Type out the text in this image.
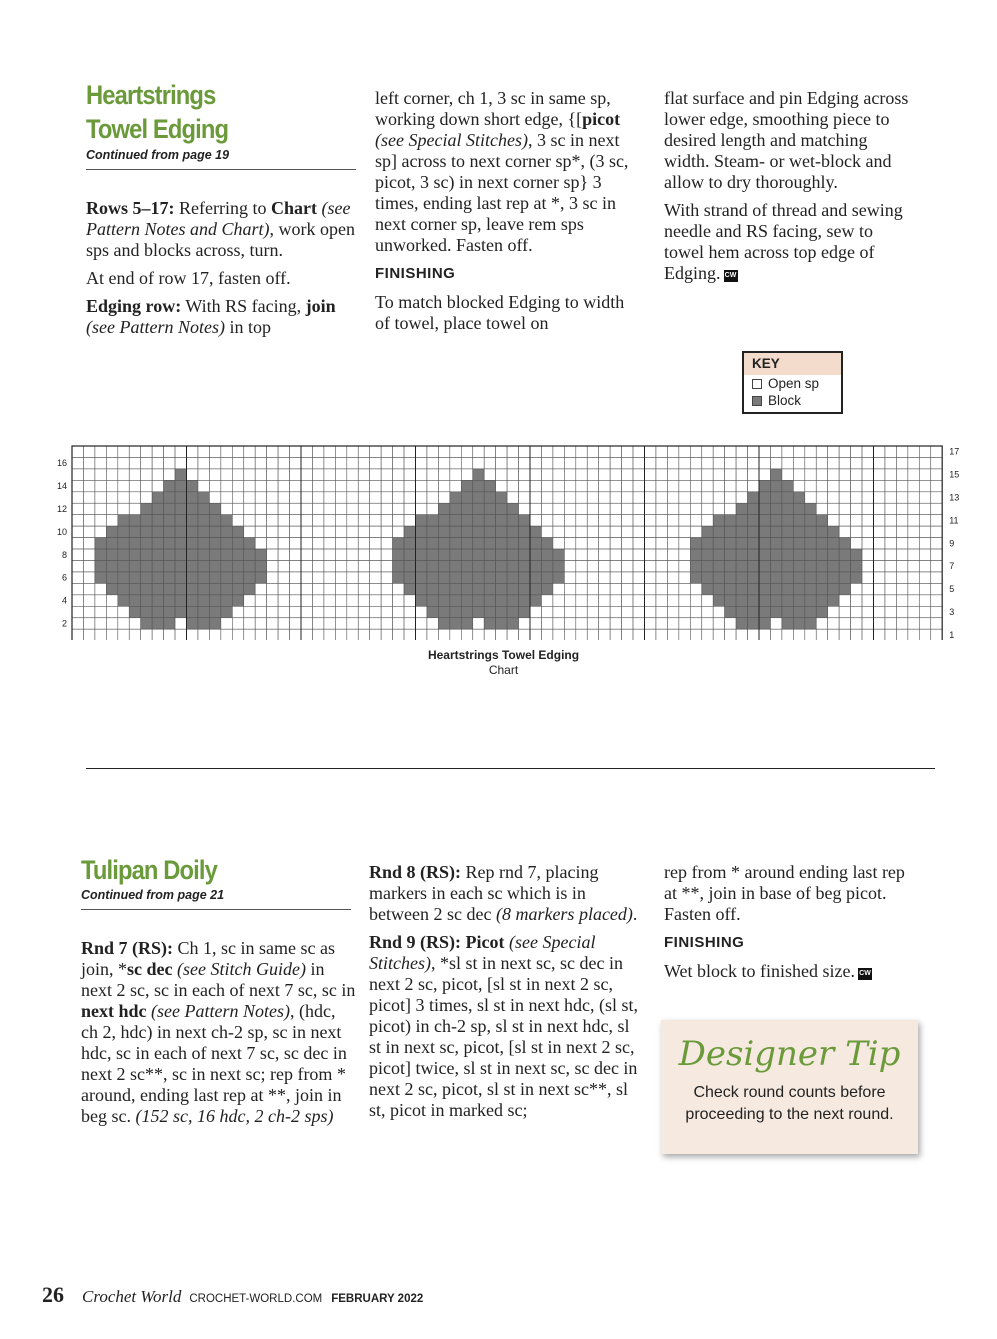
Heartstrings
Towel Edging
Continued from page 19

Rows 5–17: Referring to Chart (see Pattern Notes and Chart), work open sps and blocks across, turn.

At end of row 17, fasten off.

Edging row: With RS facing, join (see Pattern Notes) in top

left corner, ch 1, 3 sc in same sp, working down short edge, {[picot (see Special Stitches), 3 sc in next sp] across to next corner sp*, (3 sc, picot, 3 sc) in next corner sp} 3 times, ending last rep at *, 3 sc in next corner sp, leave rem sps unworked. Fasten off.

FINISHING

To match blocked Edging to width of towel, place towel on

flat surface and pin Edging across lower edge, smoothing piece to desired length and matching width. Steam- or wet-block and allow to dry thoroughly.

With strand of thread and sewing needle and RS facing, sew to towel hem across top edge of Edging. CW

KEY
Open sp
Block
2
4
6
8
10
12
14
16
1
3
5
7
9
11
13
15
17
Heartstrings Towel Edging
Chart
Tulipan Doily
Continued from page 21

Rnd 7 (RS): Ch 1, sc in same sc as join, *sc dec (see Stitch Guide) in next 2 sc, sc in each of next 7 sc, sc in next hdc (see Pattern Notes), (hdc, ch 2, hdc) in next ch-2 sp, sc in next hdc, sc in each of next 7 sc, sc dec in next 2 sc**, sc in next sc; rep from * around, ending last rep at **, join in beg sc. (152 sc, 16 hdc, 2 ch-2 sps)

Rnd 8 (RS): Rep rnd 7, placing markers in each sc which is in between 2 sc dec (8 markers placed).

Rnd 9 (RS): Picot (see Special Stitches), *sl st in next sc, sc dec in next 2 sc, picot, [sl st in next 2 sc, picot] 3 times, sl st in next hdc, (sl st, picot) in ch-2 sp, sl st in next hdc, sl st in next sc, picot, [sl st in next 2 sc, picot] twice, sl st in next sc, sc dec in next 2 sc, picot, sl st in next sc**, sl st, picot in marked sc;

rep from * around ending last rep at **, join in base of beg picot. Fasten off.

FINISHING

Wet block to finished size. CW

Designer Tip
Check round counts before
proceeding to the next round.
26 Crochet World CROCHET-WORLD.COM FEBRUARY 2022
